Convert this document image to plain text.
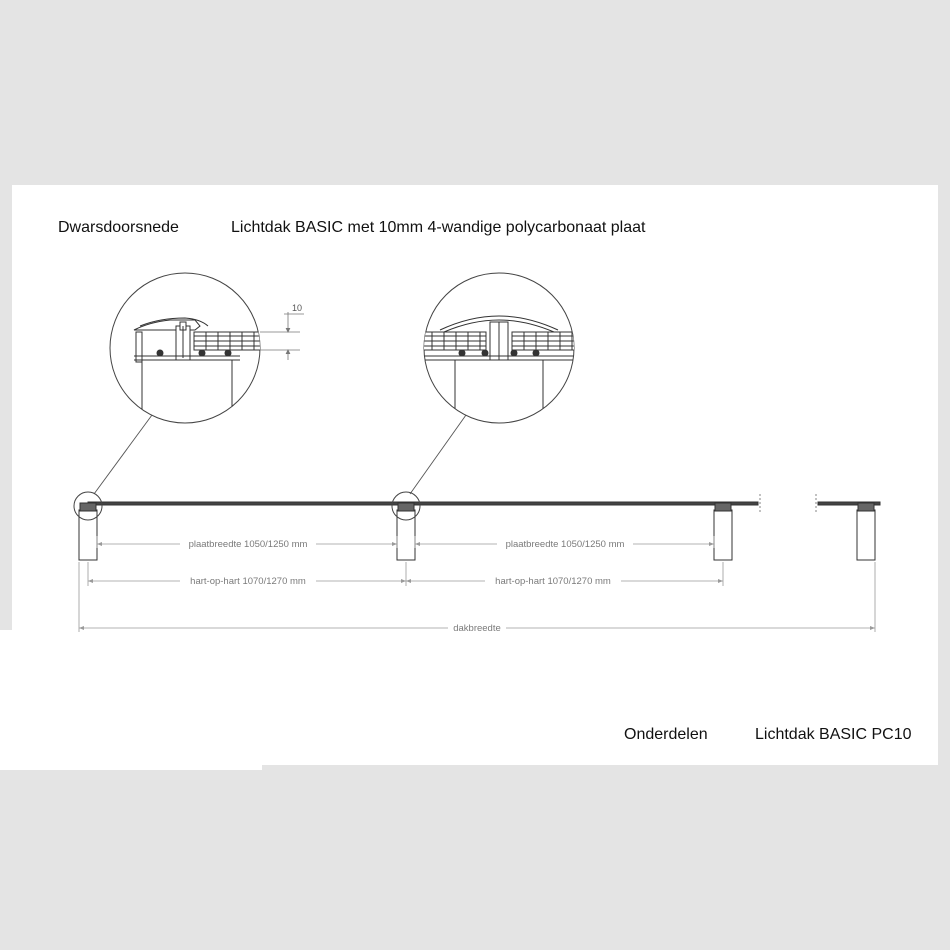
Dwarsdoorsnede	Lichtdak BASIC met 10mm 4-wandige polycarbonaat plaat
Onderdelen	Lichtdak BASIC PC10
10
plaatbreedte 1050/1250 mm	plaatbreedte 1050/1250 mm
hart-op-hart 1070/1270 mm	hart-op-hart 1070/1270 mm
dakbreedte
